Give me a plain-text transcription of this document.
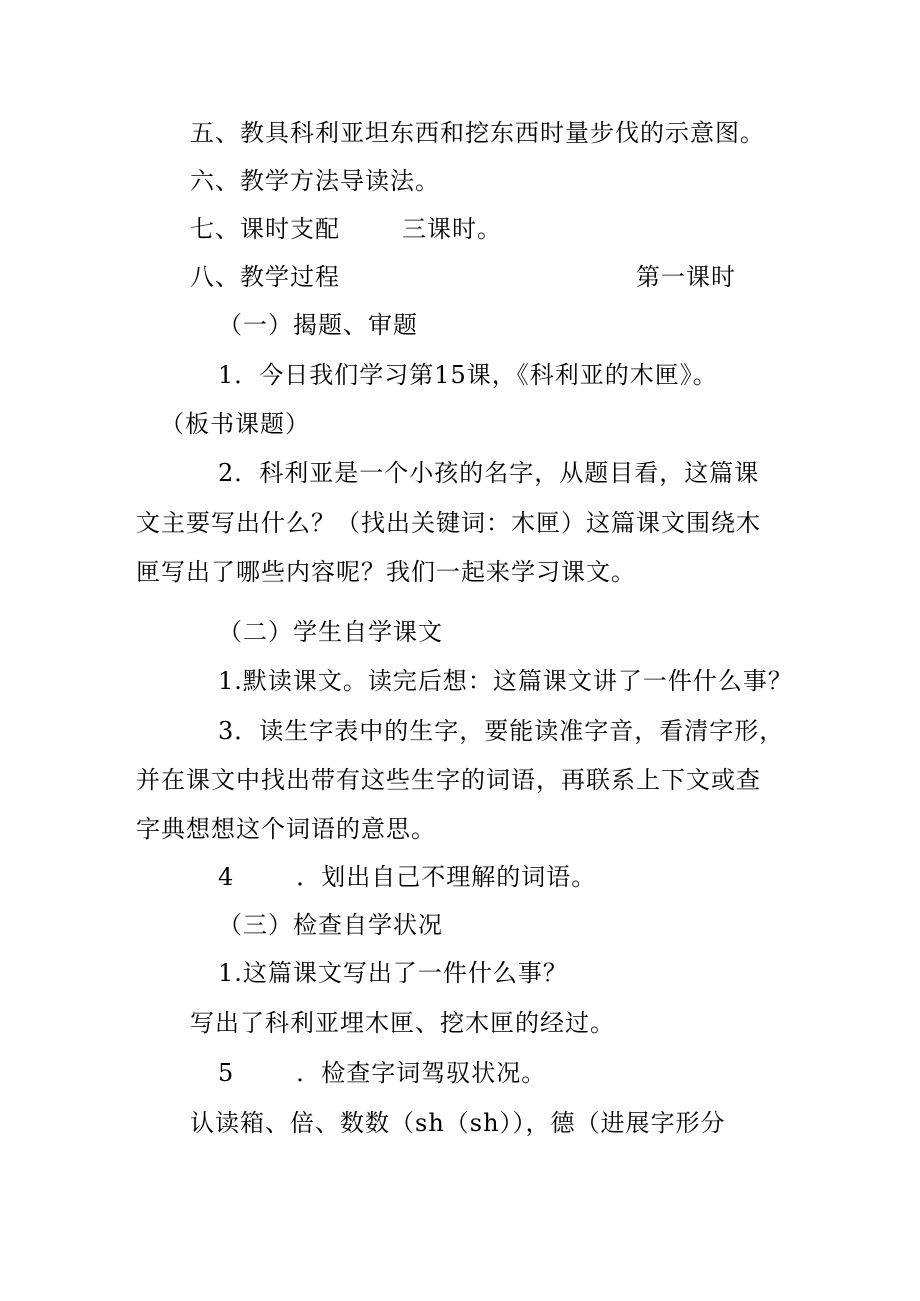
五、教具科利亚坦东西和挖东西时量步伐的示意图。
六、教学方法导读法。
七、课时支配	三课时。
八、教学过程	第一课时
（一）揭题、审题
1．今日我们学习第15课，《科利亚的木匣》。
（板书课题）
2．科利亚是一个小孩的名字，从题目看，这篇课
文主要写出什么？（找出关键词：木匣）这篇课文围绕木
匣写出了哪些内容呢？我们一起来学习课文。
（二）学生自学课文
1.默读课文。读完后想：这篇课文讲了一件什么事？
3．读生字表中的生字，要能读准字音，看清字形，
并在课文中找出带有这些生字的词语，再联系上下文或查
字典想想这个词语的意思。
4	．划出自己不理解的词语。
（三）检查自学状况
1.这篇课文写出了一件什么事？
写出了科利亚埋木匣、挖木匣的经过。
5	．检查字词驾驭状况。
认读箱、倍、数数（sh（sh）），德（进展字形分
